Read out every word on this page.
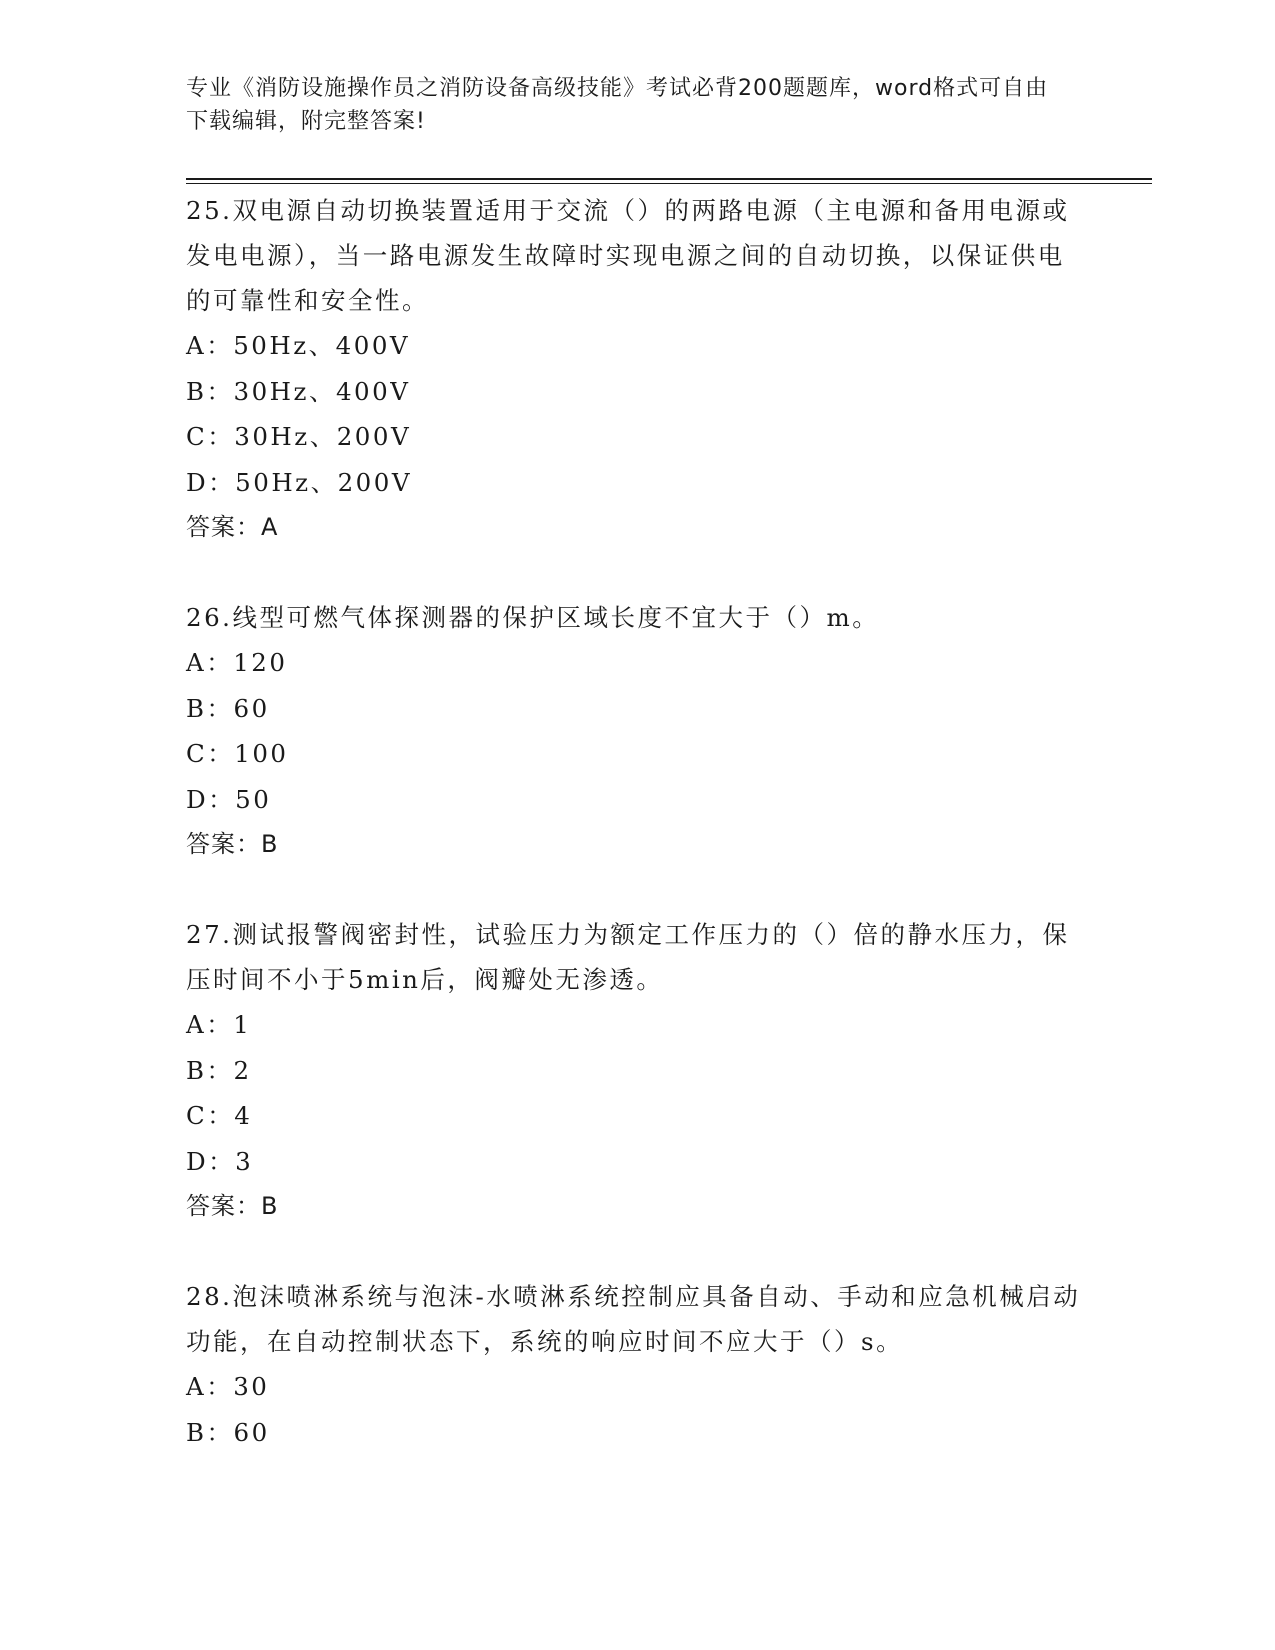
专业《消防设施操作员之消防设备高级技能》考试必背200题题库，word格式可自由下载编辑，附完整答案!
25.双电源自动切换装置适用于交流（）的两路电源（主电源和备用电源或发电电源），当一路电源发生故障时实现电源之间的自动切换，以保证供电的可靠性和安全性。
A：50Hz、400V
B：30Hz、400V
C：30Hz、200V
D：50Hz、200V
答案：A
26.线型可燃气体探测器的保护区域长度不宜大于（）m。
A：120
B：60
C：100
D：50
答案：B
27.测试报警阀密封性，试验压力为额定工作压力的（）倍的静水压力，保压时间不小于5min后，阀瓣处无渗透。
A：1
B：2
C：4
D：3
答案：B
28.泡沫喷淋系统与泡沫-水喷淋系统控制应具备自动、手动和应急机械启动功能，在自动控制状态下，系统的响应时间不应大于（）s。
A：30
B：60
